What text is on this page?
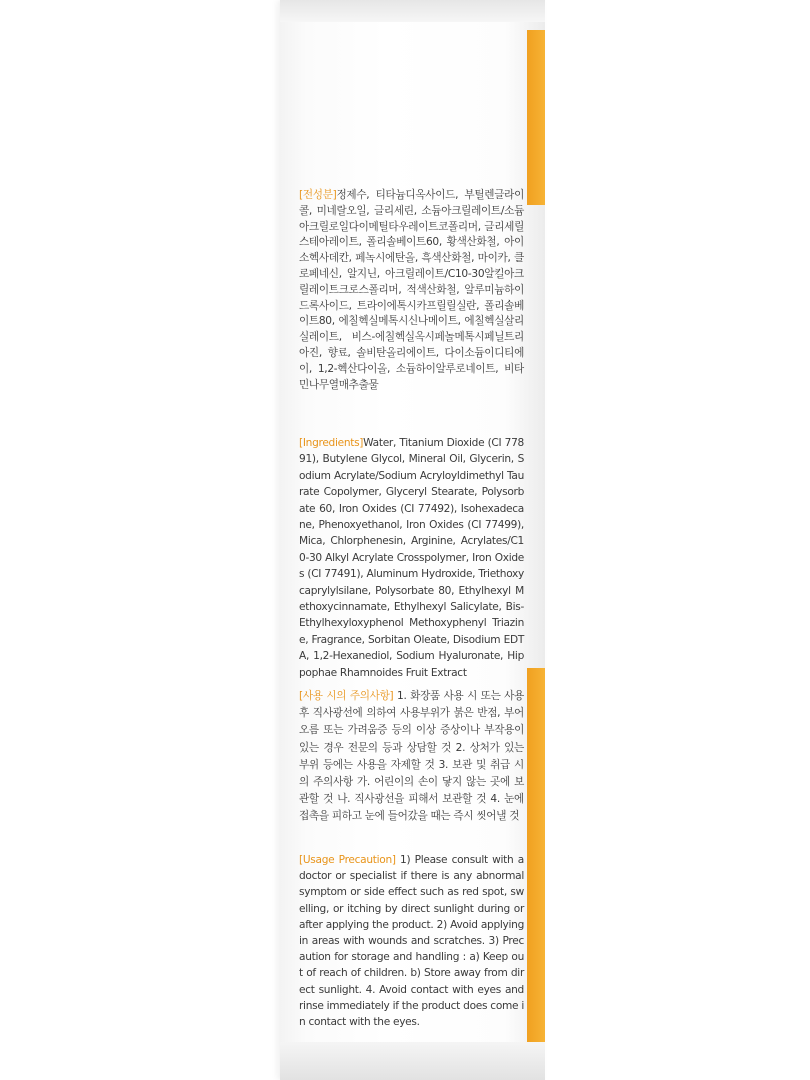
[전성분]정제수, 티타늄디옥사이드, 부틸렌글라이콜, 미네랄오일, 글리세린, 소듐아크릴레이트/소듐아크릴로일다이메틸타우레이트코폴리머, 글리세릴스테아레이트, 폴리솔베이트60, 황색산화철, 아이소헥사데칸, 페녹시에탄올, 흑색산화철, 마이카, 클로페네신, 알지닌, 아크릴레이트/C10-30알킬아크릴레이트크로스폴리머, 적색산화철, 알루미늄하이드록사이드, 트라이에톡시카프릴릴실란, 폴리솔베이트80, 에칠헥실메톡시신나메이트, 에칠헥실살리실레이트, 비스-에칠헥실옥시페놀메톡시페닐트리아진, 향료, 솔비탄올리에이트, 다이소듐이디티에이, 1,2-헥산다이올, 소듐하이알루로네이트, 비타민나무열매추출물
[Ingredients]Water, Titanium Dioxide (CI 77891), Butylene Glycol, Mineral Oil, Glycerin, Sodium Acrylate/Sodium Acryloyldimethyl Taurate Copolymer, Glyceryl Stearate, Polysorbate 60, Iron Oxides (CI 77492), Isohexadecane, Phenoxyethanol, Iron Oxides (CI 77499), Mica, Chlorphenesin, Arginine, Acrylates/C10-30 Alkyl Acrylate Crosspolymer, Iron Oxides (CI 77491), Aluminum Hydroxide, Triethoxycaprylylsilane, Polysorbate 80, Ethylhexyl Methoxycinnamate, Ethylhexyl Salicylate, Bis-Ethylhexyloxyphenol Methoxyphenyl Triazine, Fragrance, Sorbitan Oleate, Disodium EDTA, 1,2-Hexanediol, Sodium Hyaluronate, Hippophae Rhamnoides Fruit Extract
[사용 시의 주의사항] 1. 화장품 사용 시 또는 사용 후 직사광선에 의하여 사용부위가 붉은 반점, 부어오름 또는 가려움증 등의 이상 증상이나 부작용이 있는 경우 전문의 등과 상담할 것 2. 상처가 있는 부위 등에는 사용을 자제할 것 3. 보관 및 취급 시의 주의사항 가. 어린이의 손이 닿지 않는 곳에 보관할 것 나. 직사광선을 피해서 보관할 것 4. 눈에 접촉을 피하고 눈에 들어갔을 때는 즉시 씻어낼 것
[Usage Precaution] 1) Please consult with a doctor or specialist if there is any abnormal symptom or side effect such as red spot, swelling, or itching by direct sunlight during or after applying the product. 2) Avoid applying in areas with wounds and scratches. 3) Precaution for storage and handling : a) Keep out of reach of children. b) Store away from direct sunlight. 4. Avoid contact with eyes and rinse immediately if the product does come in contact with the eyes.
